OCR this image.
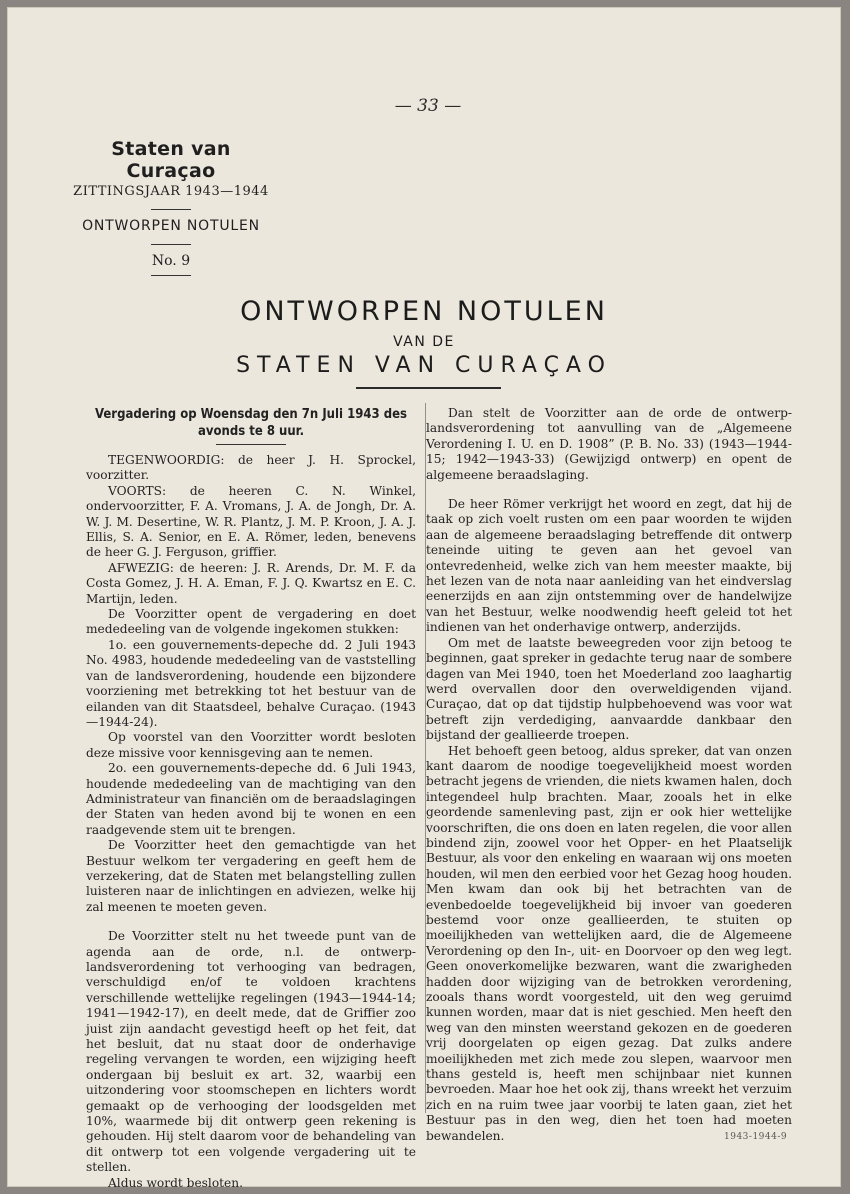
— 33 —
Staten van Curaçao
ZITTINGSJAAR 1943—1944
ONTWORPEN NOTULEN
No. 9
ONTWORPEN NOTULEN
VAN DE
STATEN VAN CURAÇAO
Vergadering op Woensdag den 7n Juli 1943 des avonds te 8 uur.

TEGENWOORDIG: de heer J. H. Sprockel, voorzitter.

VOORTS: de heeren C. N. Winkel, ondervoorzitter, F. A. Vromans, J. A. de Jongh, Dr. A. W. J. M. Desertine, W. R. Plantz, J. M. P. Kroon, J. A. J. Ellis, S. A. Senior, en E. A. Römer, leden, benevens de heer G. J. Ferguson, griffier.

AFWEZIG: de heeren: J. R. Arends, Dr. M. F. da Costa Gomez, J. H. A. Eman, F. J. Q. Kwartsz en E. C. Martijn, leden.

De Voorzitter opent de vergadering en doet mededeeling van de volgende ingekomen stukken:

1o. een gouvernements-depeche dd. 2 Juli 1943 No. 4983, houdende mededeeling van de vaststelling van de landsverordening, houdende een bijzondere voorziening met betrekking tot het bestuur van de eilanden van dit Staatsdeel, behalve Curaçao. (1943—1944-24).

Op voorstel van den Voorzitter wordt besloten deze missive voor kennisgeving aan te nemen.

2o. een gouvernements-depeche dd. 6 Juli 1943, houdende mededeeling van de machtiging van den Administrateur van financiën om de beraadslagingen der Staten van heden avond bij te wonen en een raadgevende stem uit te brengen.

De Voorzitter heet den gemachtigde van het Bestuur welkom ter vergadering en geeft hem de verzekering, dat de Staten met belangstelling zullen luisteren naar de inlichtingen en adviezen, welke hij zal meenen te moeten geven.

De Voorzitter stelt nu het tweede punt van de agenda aan de orde, n.l. de ontwerp-landsverordening tot verhooging van bedragen, verschuldigd en/of te voldoen krachtens verschillende wettelijke regelingen (1943—1944-14; 1941—1942-17), en deelt mede, dat de Griffier zoo juist zijn aandacht gevestigd heeft op het feit, dat het besluit, dat nu staat door de onderhavige regeling vervangen te worden, een wijziging heeft ondergaan bij besluit ex art. 32, waarbij een uitzondering voor stoomschepen en lichters wordt gemaakt op de verhooging der loodsgelden met 10%, waarmede bij dit ontwerp geen rekening is gehouden. Hij stelt daarom voor de behandeling van dit ontwerp tot een volgende vergadering uit te stellen.

Aldus wordt besloten.

Dan stelt de Voorzitter aan de orde de ontwerp-landsverordening tot aanvulling van de „Algemeene Verordening I. U. en D. 1908” (P. B. No. 33) (1943—1944-15; 1942—1943-33) (Gewijzigd ontwerp) en opent de algemeene beraadslaging.

De heer Römer verkrijgt het woord en zegt, dat hij de taak op zich voelt rusten om een paar woorden te wijden aan de algemeene beraadslaging betreffende dit ontwerp teneinde uiting te geven aan het gevoel van ontevredenheid, welke zich van hem meester maakte, bij het lezen van de nota naar aanleiding van het eindverslag eenerzijds en aan zijn ontstemming over de handelwijze van het Bestuur, welke noodwendig heeft geleid tot het indienen van het onderhavige ontwerp, anderzijds.

Om met de laatste beweegreden voor zijn betoog te beginnen, gaat spreker in gedachte terug naar de sombere dagen van Mei 1940, toen het Moederland zoo laaghartig werd overvallen door den overweldigenden vijand. Curaçao, dat op dat tijdstip hulpbehoevend was voor wat betreft zijn verdediging, aanvaardde dankbaar den bijstand der geallieerde troepen.

Het behoeft geen betoog, aldus spreker, dat van onzen kant daarom de noodige toegevelijkheid moest worden betracht jegens de vrienden, die niets kwamen halen, doch integendeel hulp brachten. Maar, zooals het in elke geordende samenleving past, zijn er ook hier wettelijke voorschriften, die ons doen en laten regelen, die voor allen bindend zijn, zoowel voor het Opper- en het Plaatselijk Bestuur, als voor den enkeling en waaraan wij ons moeten houden, wil men den eerbied voor het Gezag hoog houden. Men kwam dan ook bij het betrachten van de evenbedoelde toegevelijkheid bij invoer van goederen bestemd voor onze geallieerden, te stuiten op moeilijkheden van wettelijken aard, die de Algemeene Verordening op den In-, uit- en Doorvoer op den weg legt. Geen onoverkomelijke bezwaren, want die zwarigheden hadden door wijziging van de betrokken verordening, zooals thans wordt voorgesteld, uit den weg geruimd kunnen worden, maar dat is niet geschied. Men heeft den weg van den minsten weerstand gekozen en de goederen vrij doorgelaten op eigen gezag. Dat zulks andere moeilijkheden met zich mede zou slepen, waarvoor men thans gesteld is, heeft men schijnbaar niet kunnen bevroeden. Maar hoe het ook zij, thans wreekt het verzuim zich en na ruim twee jaar voorbij te laten gaan, ziet het Bestuur pas in den weg, dien het toen had moeten bewandelen.	1943-1944-9
